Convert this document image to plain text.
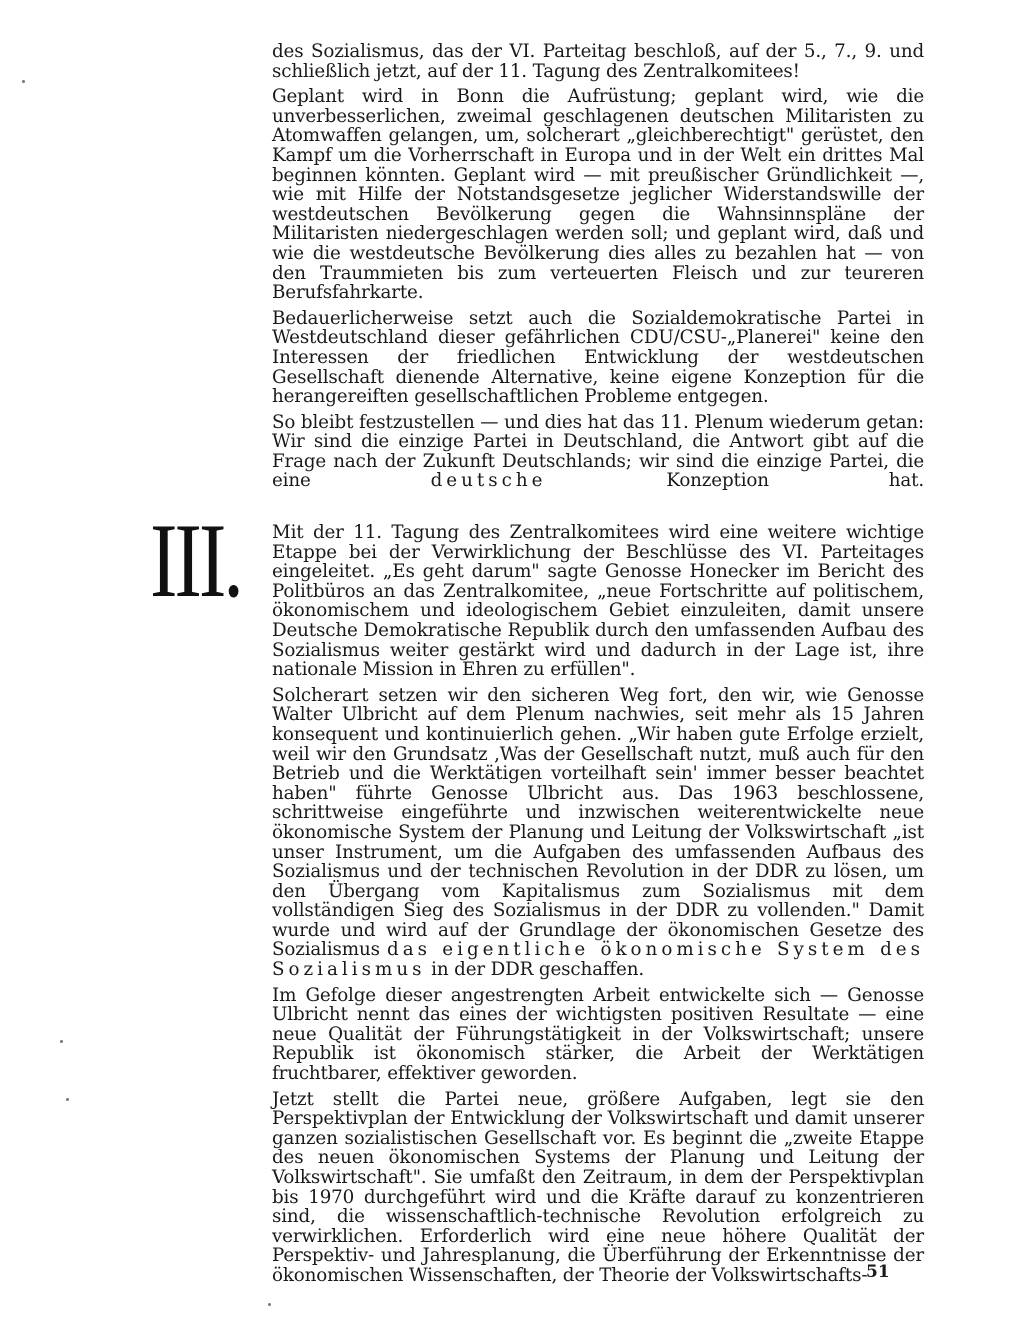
des Sozialismus, das der VI. Parteitag beschloß, auf der 5., 7., 9. und schließlich jetzt, auf der 11. Tagung des Zentralkomitees!

Geplant wird in Bonn die Aufrüstung; geplant wird, wie die unverbesserlichen, zweimal geschlagenen deutschen Militaristen zu Atomwaffen gelangen, um, solcherart „gleichberechtigt" gerüstet, den Kampf um die Vorherrschaft in Europa und in der Welt ein drittes Mal beginnen könnten. Geplant wird — mit preußischer Gründlichkeit —, wie mit Hilfe der Notstandsgesetze jeglicher Widerstandswille der westdeutschen Bevölkerung gegen die Wahnsinnspläne der Militaristen niedergeschlagen werden soll; und geplant wird, daß und wie die westdeutsche Bevölkerung dies alles zu bezahlen hat — von den Traummieten bis zum verteuerten Fleisch und zur teureren Berufsfahrkarte.

Bedauerlicherweise setzt auch die Sozialdemokratische Partei in Westdeutschland dieser gefährlichen CDU/CSU-„Planerei" keine den Interessen der friedlichen Entwicklung der westdeutschen Gesellschaft dienende Alternative, keine eigene Konzeption für die herangereiften gesellschaftlichen Probleme entgegen.

So bleibt festzustellen — und dies hat das 11. Plenum wiederum getan: Wir sind die einzige Partei in Deutschland, die Antwort gibt auf die Frage nach der Zukunft Deutschlands; wir sind die einzige Partei, die eine	deutsche	Konzeption hat.

III. Mit der 11. Tagung des Zentralkomitees wird eine weitere wichtige Etappe bei der Verwirklichung der Beschlüsse des VI. Parteitages eingeleitet. „Es geht darum" sagte Genosse Honecker im Bericht des Politbüros an das Zentralkomitee, „neue Fortschritte auf politischem, ökonomischem und ideologischem Gebiet einzuleiten, damit unsere Deutsche Demokratische Republik durch den umfassenden Aufbau des Sozialismus weiter gestärkt wird und dadurch in der Lage ist, ihre nationale Mission in Ehren zu erfüllen".

Solcherart setzen wir den sicheren Weg fort, den wir, wie Genosse Walter Ulbricht auf dem Plenum nachwies, seit mehr als 15 Jahren konsequent und kontinuierlich gehen. „Wir haben gute Erfolge erzielt, weil wir den Grundsatz ‚Was der Gesellschaft nutzt, muß auch für den Betrieb und die Werktätigen vorteilhaft sein' immer besser beachtet haben" führte Genosse Ulbricht aus. Das 1963 beschlossene, schrittweise eingeführte und inzwischen weiterentwickelte neue ökonomische System der Planung und Leitung der Volkswirtschaft „ist unser Instrument, um die Aufgaben des umfassenden Aufbaus des Sozialismus und der technischen Revolution in der DDR zu lösen, um den Übergang vom Kapitalismus zum Sozialismus mit dem vollständigen Sieg des Sozialismus in der DDR zu vollenden." Damit wurde und wird auf der Grundlage der ökonomischen Gesetze des Sozialismus das eigentliche ökonomische System des Sozialismus in der DDR geschaffen.

Im Gefolge dieser angestrengten Arbeit entwickelte sich — Genosse Ulbricht nennt das eines der wichtigsten positiven Resultate — eine neue Qualität der Führungstätigkeit in der Volkswirtschaft; unsere Republik ist ökonomisch stärker, die Arbeit der Werktätigen fruchtbarer, effektiver geworden.

Jetzt stellt die Partei neue, größere Aufgaben, legt sie den Perspektivplan der Entwicklung der Volkswirtschaft und damit unserer ganzen sozialistischen Gesellschaft vor. Es beginnt die „zweite Etappe des neuen ökonomischen Systems der Planung und Leitung der Volkswirtschaft". Sie umfaßt den Zeitraum, in dem der Perspektivplan bis 1970 durchgeführt wird und die Kräfte darauf zu konzentrieren sind, die wissenschaftlich-technische Revolution erfolgreich zu verwirklichen. Erforderlich wird eine neue höhere Qualität der Perspektiv- und Jahresplanung, die Überführung der Erkenntnisse der ökonomischen Wissenschaften, der Theorie der Volkswirtschafts-

51
